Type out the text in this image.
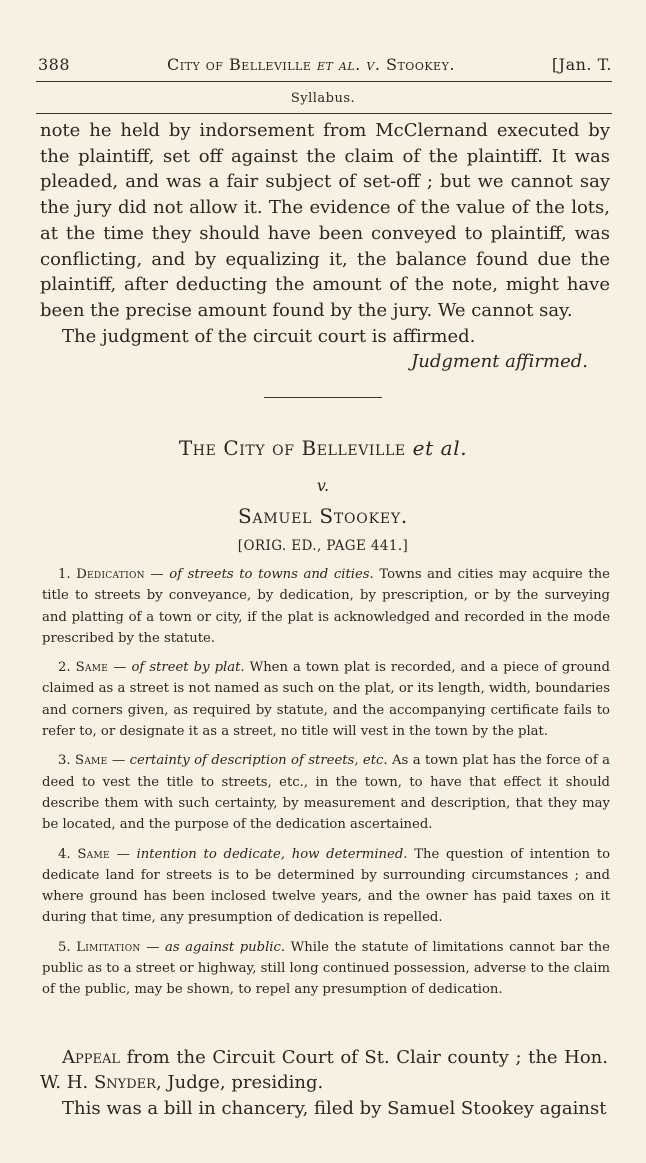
388	City of Belleville et al. v. Stookey.	[Jan. T.
Syllabus.

note he held by indorsement from McClernand executed by the plaintiff, set off against the claim of the plaintiff. It was pleaded, and was a fair subject of set-off ; but we cannot say the jury did not allow it. The evidence of the value of the lots, at the time they should have been conveyed to plaintiff, was conflicting, and by equalizing it, the balance found due the plaintiff, after deducting the amount of the note, might have been the precise amount found by the jury. We cannot say.

The judgment of the circuit court is affirmed.

Judgment affirmed.

The City of Belleville et al.
v.
Samuel Stookey.
[ORIG. ED., PAGE 441.]

1. Dedication — of streets to towns and cities. Towns and cities may acquire the title to streets by conveyance, by dedication, by prescription, or by the surveying and platting of a town or city, if the plat is acknowledged and recorded in the mode prescribed by the statute.

2. Same — of street by plat. When a town plat is recorded, and a piece of ground claimed as a street is not named as such on the plat, or its length, width, boundaries and corners given, as required by statute, and the accompanying certificate fails to refer to, or designate it as a street, no title will vest in the town by the plat.

3. Same — certainty of description of streets, etc. As a town plat has the force of a deed to vest the title to streets, etc., in the town, to have that effect it should describe them with such certainty, by measurement and description, that they may be located, and the purpose of the dedication ascertained.

4. Same — intention to dedicate, how determined. The question of intention to dedicate land for streets is to be determined by surrounding circumstances ; and where ground has been inclosed twelve years, and the owner has paid taxes on it during that time, any presumption of dedication is repelled.

5. Limitation — as against public. While the statute of limitations cannot bar the public as to a street or highway, still long continued possession, adverse to the claim of the public, may be shown, to repel any presumption of dedication.

Appeal from the Circuit Court of St. Clair county ; the Hon. W. H. Snyder, Judge, presiding.

This was a bill in chancery, filed by Samuel Stookey against
